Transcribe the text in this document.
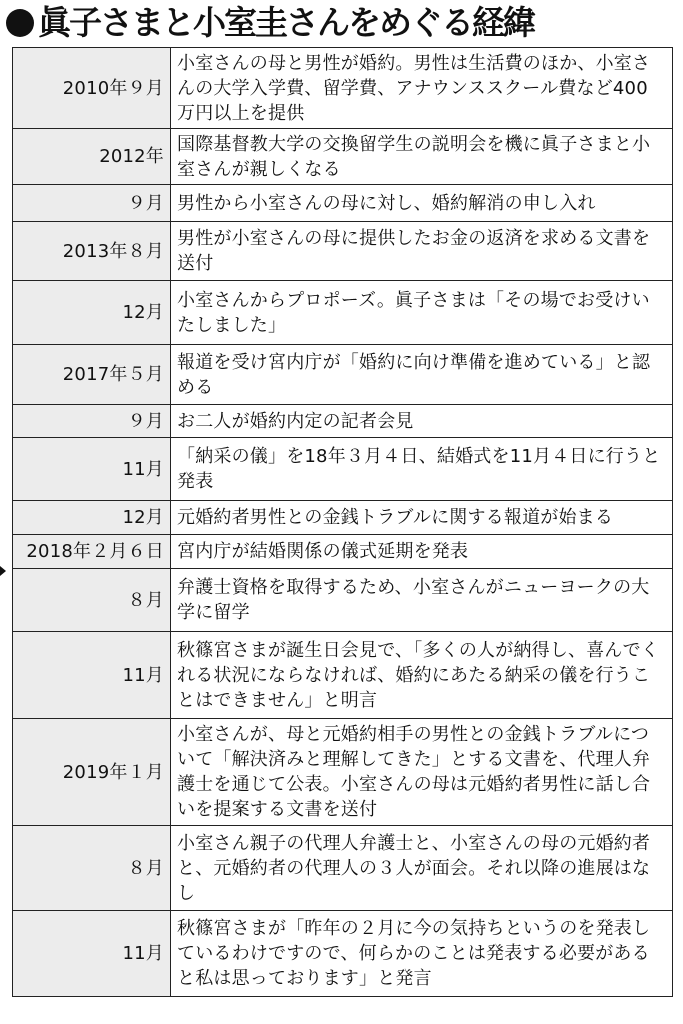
眞子さまと小室圭さんをめぐる経緯
2010年９月	小室さんの母と男性が婚約。男性は生活費のほか、小室さんの大学入学費、留学費、アナウンススクール費など400万円以上を提供
2012年	国際基督教大学の交換留学生の説明会を機に眞子さまと小室さんが親しくなる
９月	男性から小室さんの母に対し、婚約解消の申し入れ
2013年８月	男性が小室さんの母に提供したお金の返済を求める文書を送付
12月	小室さんからプロポーズ。眞子さまは「その場でお受けいたしました」
2017年５月	報道を受け宮内庁が「婚約に向け準備を進めている」と認める
９月	お二人が婚約内定の記者会見
11月	「納采の儀」を18年３月４日、結婚式を11月４日に行うと発表
12月	元婚約者男性との金銭トラブルに関する報道が始まる
2018年２月６日	宮内庁が結婚関係の儀式延期を発表
８月	弁護士資格を取得するため、小室さんがニューヨークの大学に留学
11月	秋篠宮さまが誕生日会見で、「多くの人が納得し、喜んでくれる状況にならなければ、婚約にあたる納采の儀を行うことはできません」と明言
2019年１月	小室さんが、母と元婚約相手の男性との金銭トラブルについて「解決済みと理解してきた」とする文書を、代理人弁護士を通じて公表。小室さんの母は元婚約者男性に話し合いを提案する文書を送付
８月	小室さん親子の代理人弁護士と、小室さんの母の元婚約者と、元婚約者の代理人の３人が面会。それ以降の進展はなし
11月	秋篠宮さまが「昨年の２月に今の気持ちというのを発表しているわけですので、何らかのことは発表する必要があると私は思っております」と発言
